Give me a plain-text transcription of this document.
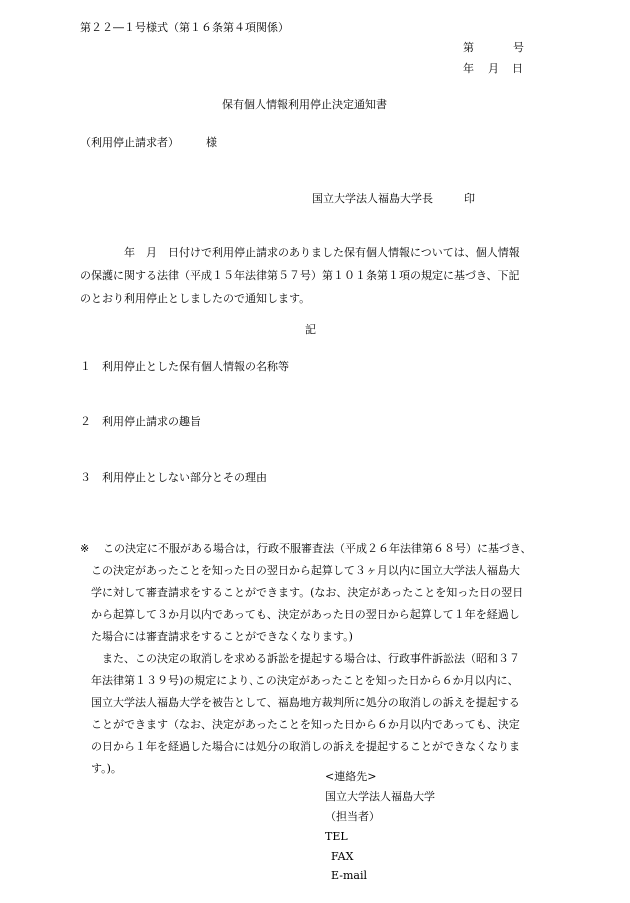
第２２―１号様式（第１６条第４項関係）
第	号
年 月 日
保有個人情報利用停止決定通知書
（利用停止請求者） 様
国立大学法人福島大学長	印
　　　　年　月　日付けで利用停止請求のありました保有個人情報については、個人情報
の保護に関する法律（平成１５年法律第５７号）第１０１条第１項の規定に基づき、下記
のとおり利用停止としましたので通知します。
記
１ 利用停止とした保有個人情報の名称等
２ 利用停止請求の趣旨
３ 利用停止としない部分とその理由
※	この決定に不服がある場合は，行政不服審査法（平成２６年法律第６８号）に基づき、
この決定があったことを知った日の翌日から起算して３ヶ月以内に国立大学法人福島大
学に対して審査請求をすることができます。(なお、決定があったことを知った日の翌日
から起算して３か月以内であっても、決定があった日の翌日から起算して１年を経過し
た場合には審査請求をすることができなくなります。)
　また、この決定の取消しを求める訴訟を提起する場合は、行政事件訴訟法（昭和３７
年法律第１３９号)の規定により､この決定があったことを知った日から６か月以内に、
国立大学法人福島大学を被告として、福島地方裁判所に処分の取消しの訴えを提起する
ことができます（なお、決定があったことを知った日から６か月以内であっても、決定
の日から１年を経過した場合には処分の取消しの訴えを提起することができなくなりま
す。)。
<連絡先>
国立大学法人福島大学
（担当者）
TEL
FAX
E-mail
